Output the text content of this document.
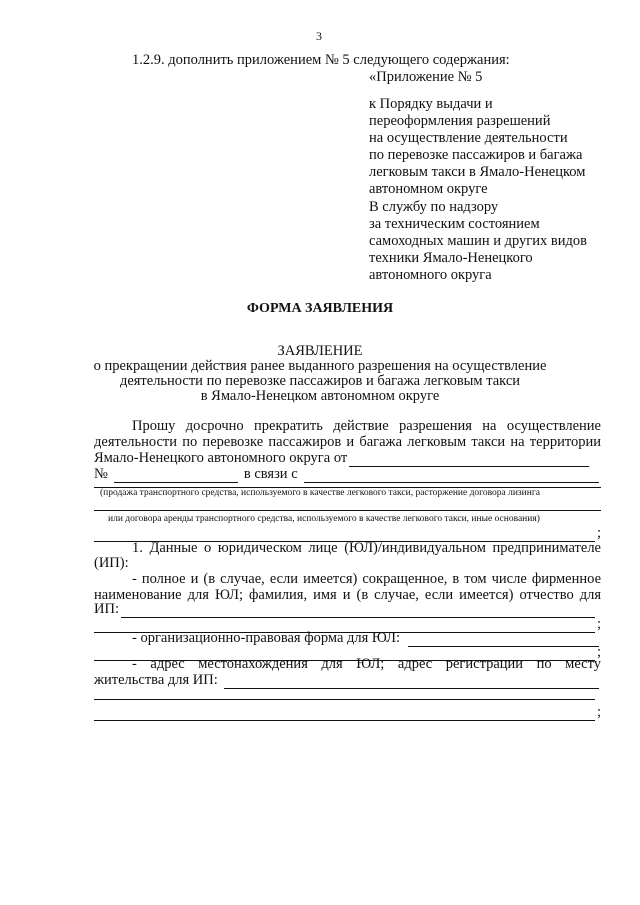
3
1.2.9. дополнить приложением № 5 следующего содержания:
«Приложение № 5
к Порядку выдачи и
переоформления разрешений
на осуществление деятельности
по перевозке пассажиров и багажа
легковым такси в Ямало-Ненецком
автономном округе
В службу по надзору
за техническим состоянием
самоходных машин и других видов
техники Ямало-Ненецкого
автономного округа
ФОРМА ЗАЯВЛЕНИЯ
ЗАЯВЛЕНИЕ
о прекращении действия ранее выданного разрешения на осуществление
деятельности по перевозке пассажиров и багажа легковым такси
в Ямало-Ненецком автономном округе
Прошу досрочно прекратить действие разрешения на осуществление
деятельности по перевозке пассажиров и багажа легковым такси на территории
Ямало-Ненецкого автономного округа от
№	в связи с
(продажа транспортного средства, используемого в качестве легкового такси, расторжение договора лизинга
или договора аренды транспортного средства, используемого в качестве легкового такси, иные основания)
;
1. Данные о юридическом лице (ЮЛ)/индивидуальном предпринимателе
(ИП):
- полное и (в случае, если имеется) сокращенное, в том числе фирменное
наименование для ЮЛ; фамилия, имя и (в случае, если имеется) отчество для
ИП:
;
- организационно-правовая форма для ЮЛ:
;
- адрес местонахождения для ЮЛ; адрес регистрации по месту
жительства для ИП:
;
